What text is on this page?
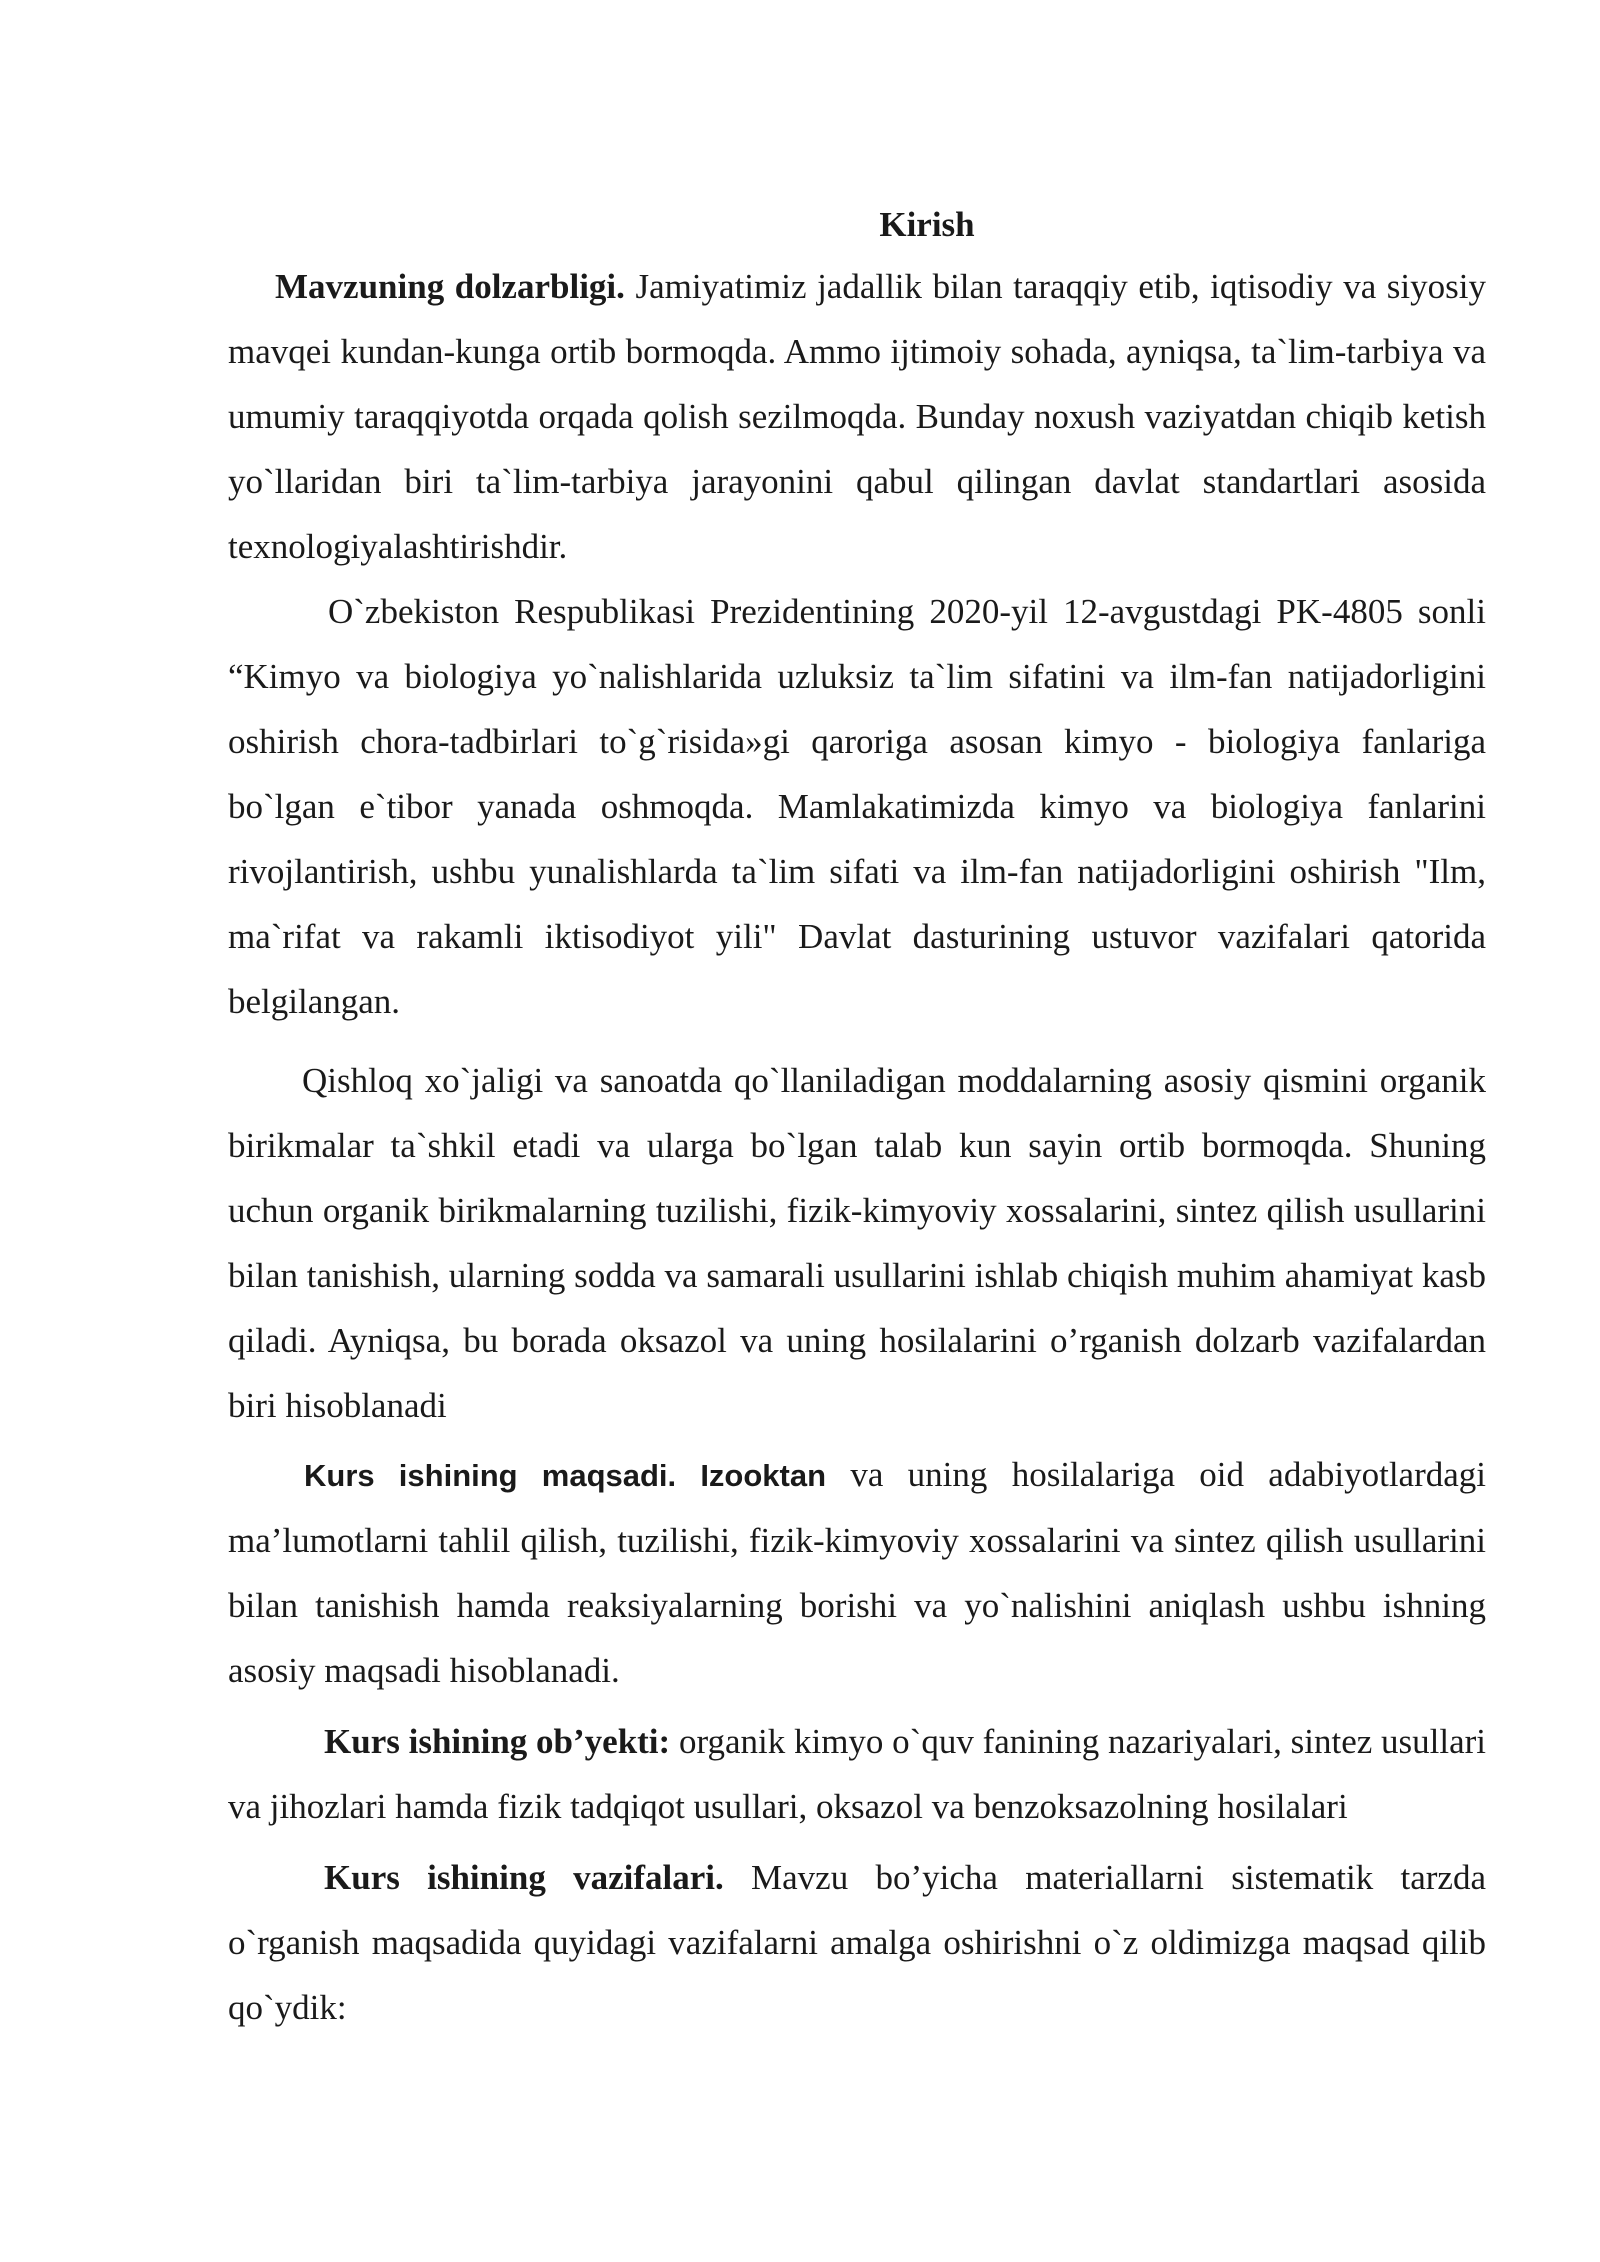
Kirish

Mavzuning dolzarbligi. Jamiyatimiz jadallik bilan taraqqiy etib, iqtisodiy va siyosiy mavqei kundan-kunga ortib bormoqda. Ammo ijtimoiy sohada, ayniqsa, ta`lim-tarbiya va umumiy taraqqiyotda orqada qolish sezilmoqda. Bunday noxush vaziyatdan chiqib ketish yo`llaridan biri ta`lim-tarbiya jarayonini qabul qilingan davlat standartlari asosida texnologiyalashtirishdir.

O`zbekiston Respublikasi Prezidentining 2020-yil 12-avgustdagi PK-4805 sonli “Kimyo va biologiya yo`nalishlarida uzluksiz ta`lim sifatini va ilm-fan natijadorligini oshirish chora-tadbirlari to`g`risida»gi qaroriga asosan kimyo - biologiya fanlariga bo`lgan e`tibor yanada oshmoqda. Mamlakatimizda kimyo va biologiya fanlarini rivojlantirish, ushbu yunalishlarda ta`lim sifati va ilm-fan natijadorligini oshirish "Ilm, ma`rifat va rakamli iktisodiyot yili" Davlat dasturining ustuvor vazifalari qatorida belgilangan.

Qishloq xo`jaligi va sanoatda qo`llaniladigan moddalarning asosiy qismini organik birikmalar ta`shkil etadi va ularga bo`lgan talab kun sayin ortib bormoqda. Shuning uchun organik birikmalarning tuzilishi, fizik-kimyoviy xossalarini, sintez qilish usullarini bilan tanishish, ularning sodda va samarali usullarini ishlab chiqish muhim ahamiyat kasb qiladi. Ayniqsa, bu borada oksazol va uning hosilalarini o’rganish dolzarb vazifalardan biri hisoblanadi

Kurs ishining maqsadi. Izooktan va uning hosilalariga oid adabiyotlardagi ma’lumotlarni tahlil qilish, tuzilishi, fizik-kimyoviy xossalarini va sintez qilish usullarini bilan tanishish hamda reaksiyalarning borishi va yo`nalishini aniqlash ushbu ishning asosiy maqsadi hisoblanadi.

Kurs ishining ob’yekti: organik kimyo o`quv fanining nazariyalari, sintez usullari va jihozlari hamda fizik tadqiqot usullari, oksazol va benzoksazolning hosilalari

Kurs ishining vazifalari. Mavzu bo’yicha materiallarni sistematik tarzda o`rganish maqsadida quyidagi vazifalarni amalga oshirishni o`z oldimizga maqsad qilib qo`ydik:
